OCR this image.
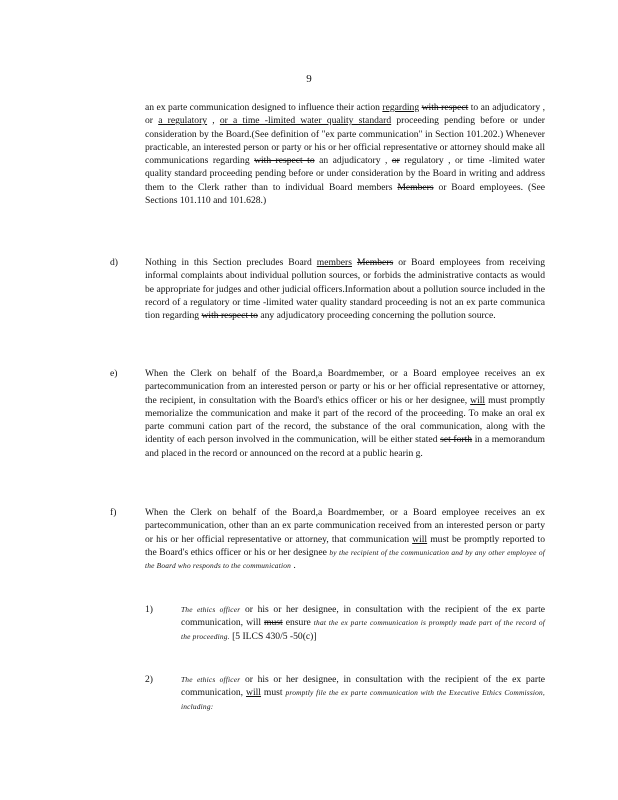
9
an ex parte communication designed to influence their action regarding with respect to an adjudicatory , or a regulatory , or a time -limited water quality standard proceeding pending before or under consideration by the Board.(See definition of "ex parte communication" in Section 101.202.) Whenever practicable, an interested person or party or his or her official representative or attorney should make all communications regarding with respect to an adjudicatory , or regulatory , or time -limited water quality standard proceeding pending before or under consideration by the Board in writing and address them to the Clerk rather than to individual Board members Members or Board employees. (See Sections 101.110 and 101.628.)
d)	Nothing in this Section precludes Board members Members or Board employees from receiving informal complaints about individual pollution sources, or forbids the administrative contacts as would be appropriate for judges and other judicial officers.Information about a pollution source included in the record of a regulatory or time -limited water quality standard proceeding is not an ex parte communica tion regarding with respect to any adjudicatory proceeding concerning the pollution source.
e)	When the Clerk on behalf of the Board,a Boardmember, or a Board employee receives an ex partecommunication from an interested person or party or his or her official representative or attorney, the recipient, in consultation with the Board's ethics officer or his or her designee, will must promptly memorialize the communication and make it part of the record of the proceeding. To make an oral ex parte communi cation part of the record, the substance of the oral communication, along with the identity of each person involved in the communication, will be either stated set forth in a memorandum and placed in the record or announced on the record at a public hearin g.
f)	When the Clerk on behalf of the Board,a Boardmember, or a Board employee receives an ex partecommunication, other than an ex parte communication received from an interested person or party or his or her official representative or attorney, that communication will must be promptly reported to the Board's ethics officer or his or her designee by the recipient of the communication and by any other employee of the Board who responds to the communication .
1)	The ethics officer or his or her designee, in consultation with the recipient of the ex parte communication, will must ensure that the ex parte communication is promptly made part of the record of the proceeding. [5 ILCS 430/5 -50(c)]
2)	The ethics officer or his or her designee, in consultation with the recipient of the ex parte communication, will must promptly file the ex parte communication with the Executive Ethics Commission, including:
